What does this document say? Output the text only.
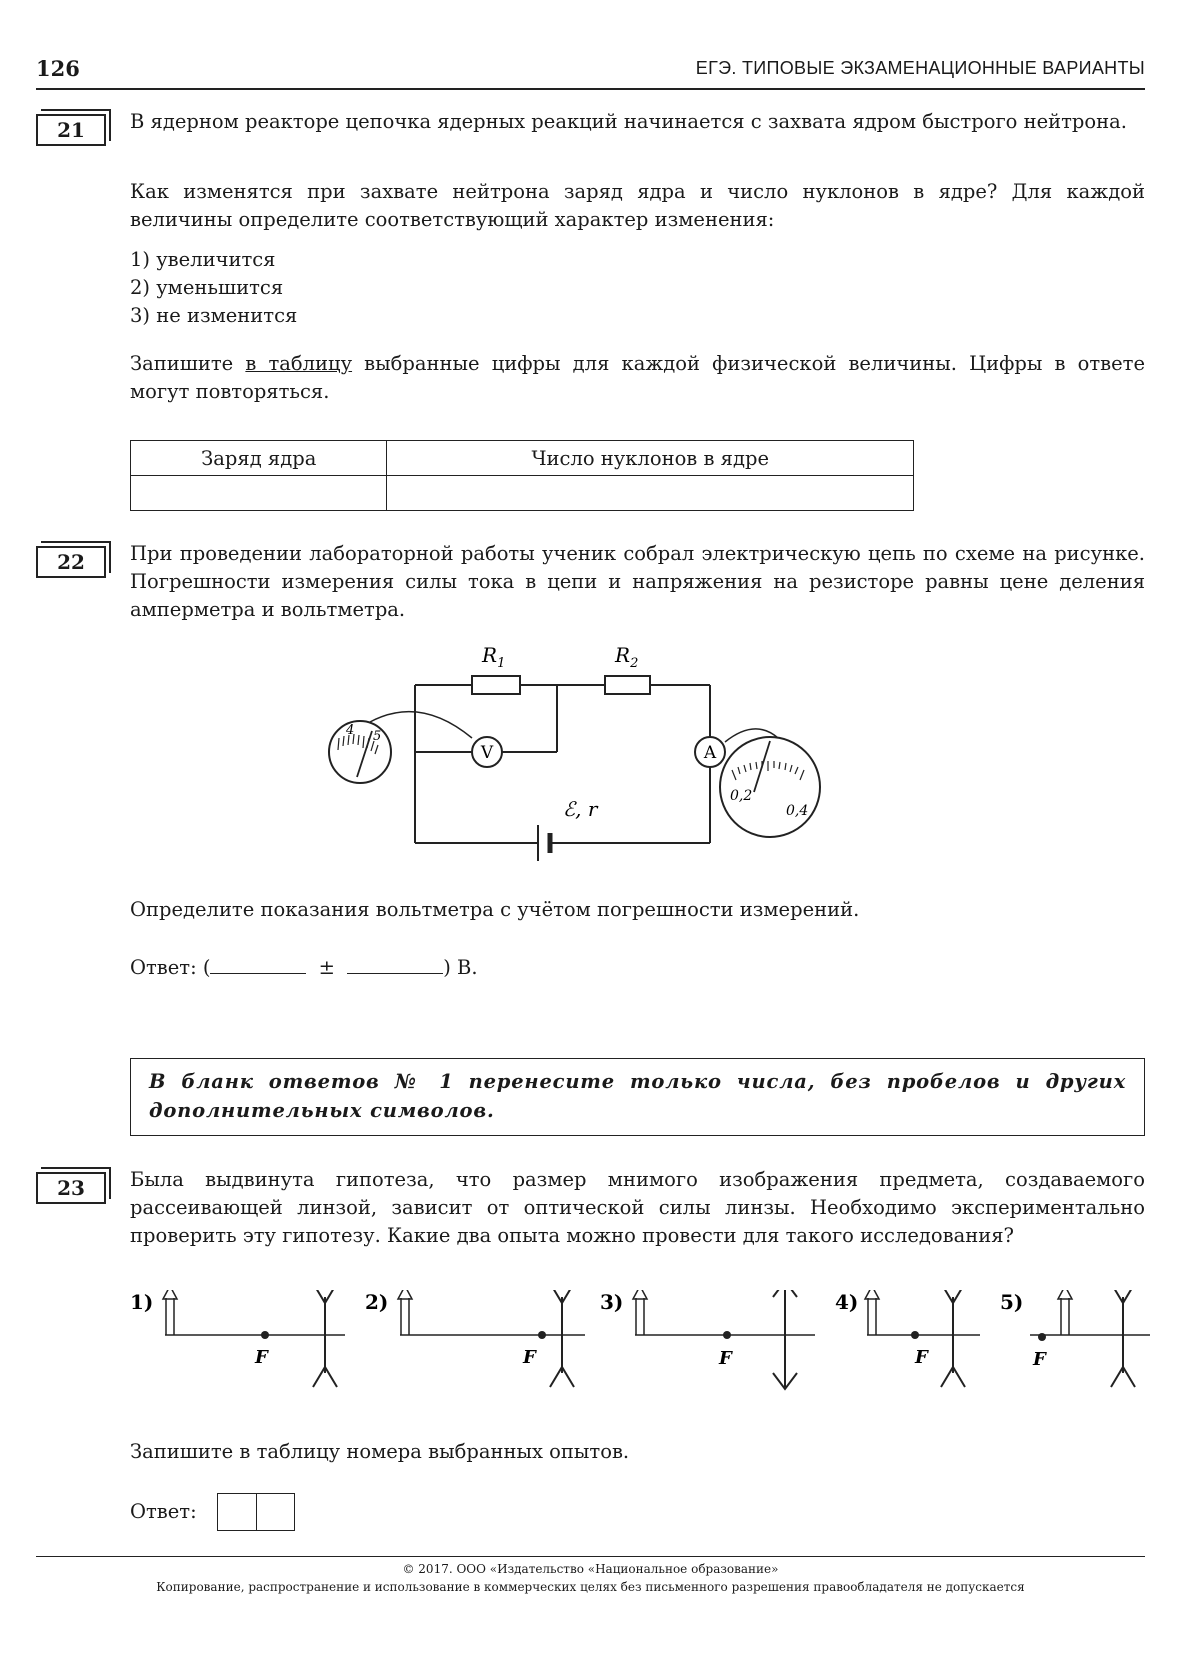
126	ЕГЭ. ТИПОВЫЕ ЭКЗАМЕНАЦИОННЫЕ ВАРИАНТЫ
21	В ядерном реакторе цепочка ядерных реакций начинается с захвата ядром быстрого нейтрона.
Как изменятся при захвате нейтрона заряд ядра и число нуклонов в ядре? Для каждой величины определите соответствующий характер изменения:
1) увеличится
2) уменьшится
3) не изменится
Запишите в таблицу выбранные цифры для каждой физической величины. Цифры в ответе могут повторяться.
Заряд ядра	Число нуклонов в ядре

22	При проведении лабораторной работы ученик собрал электрическую цепь по схеме на рисунке. Погрешности измерения силы тока в цепи и напряжения на резисторе равны цене деления амперметра и вольтметра.
$R_1$	$R_2$
V	A
ℰ, r
4 5
0,2
0,4
Определите показания вольтметра с учётом погрешности измерений.
Ответ: (	±	) В.
В бланк ответов № 1 перенесите только числа, без пробелов и других дополнительных символов.
23	Была выдвинута гипотеза, что размер мнимого изображения предмета, создаваемого рассеивающей линзой, зависит от оптической силы линзы. Необходимо экспериментально проверить эту гипотезу. Какие два опыта можно провести для такого исследования?
1)	2)	3)	4)	5)
F	F	F	F	F
Запишите в таблицу номера выбранных опытов.
Ответ:
© 2017. ООО «Издательство «Национальное образование»
Копирование, распространение и использование в коммерческих целях без письменного разрешения правообладателя не допускается
